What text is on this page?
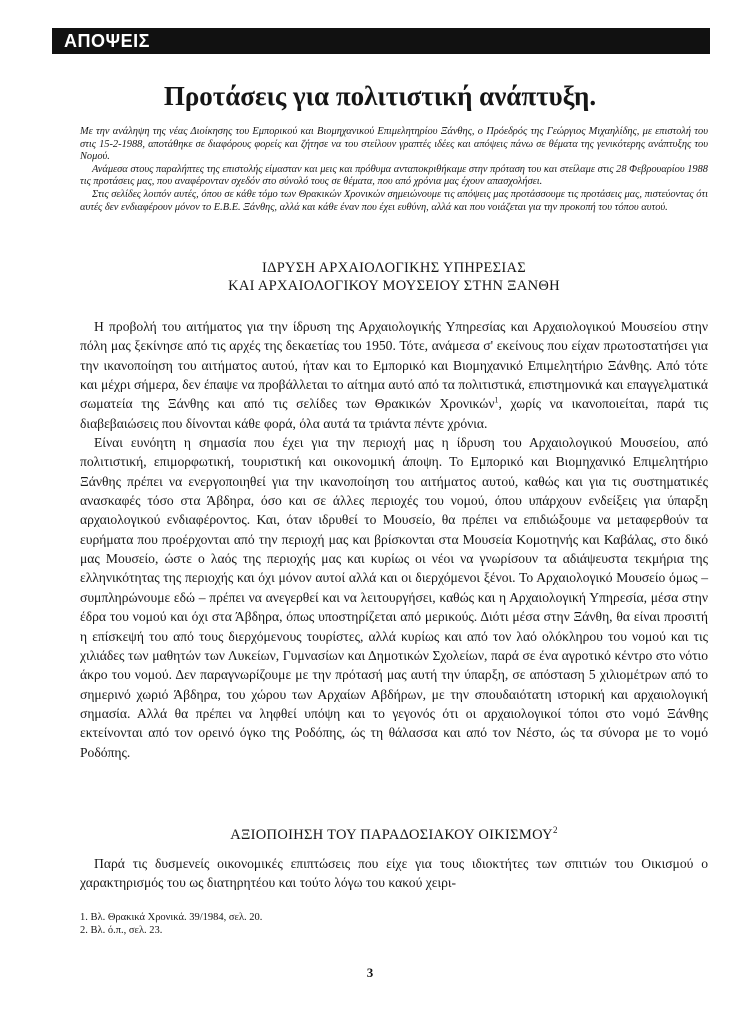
ΑΠΟΨΕΙΣ
Προτάσεις για πολιτιστική ανάπτυξη.

Με την ανάληψη της νέας Διοίκησης του Εμπορικού και Βιομηχανικού Επιμελητηρίου Ξάνθης, ο Πρόεδρός της Γεώργιος Μιχαηλίδης, με επιστολή του στις 15-2-1988, αποτάθηκε σε διαφόρους φορείς και ζήτησε να του στείλουν γραπτές ιδέες και απόψεις πάνω σε θέματα της γενικότερης ανάπτυξης του Νομού.

Ανάμεσα στους παραλήπτες της επιστολής είμασταν και μεις και πρόθυμα ανταποκριθήκαμε στην πρόταση του και στείλαμε στις 28 Φεβρουαρίου 1988 τις προτάσεις μας, που αναφέρονταν σχεδόν στο σύνολό τους σε θέματα, που από χρόνια μας έχουν απασχολήσει.

Στις σελίδες λοιπόν αυτές, όπου σε κάθε τόμο των Θρακικών Χρονικών σημειώνουμε τις απόψεις μας προτάσσουμε τις προτάσεις μας, πιστεύοντας ότι αυτές δεν ενδιαφέρουν μόνον το Ε.Β.Ε. Ξάνθης, αλλά και κάθε έναν που έχει ευθύνη, αλλά και που νοιάζεται για την προκοπή του τόπου αυτού.

ΙΔΡΥΣΗ ΑΡΧΑΙΟΛΟΓΙΚΗΣ ΥΠΗΡΕΣΙΑΣ
ΚΑΙ ΑΡΧΑΙΟΛΟΓΙΚΟΥ ΜΟΥΣΕΙΟΥ ΣΤΗΝ ΞΑΝΘΗ

Η προβολή του αιτήματος για την ίδρυση της Αρχαιολογικής Υπηρεσίας και Αρχαιολογικού Μουσείου στην πόλη μας ξεκίνησε από τις αρχές της δεκαετίας του 1950. Τότε, ανάμεσα σ' εκείνους που είχαν πρωτοστατήσει για την ικανοποίηση του αιτήματος αυτού, ήταν και το Εμπορικό και Βιομηχανικό Επιμελητήριο Ξάνθης. Από τότε και μέχρι σήμερα, δεν έπαψε να προβάλλεται το αίτημα αυτό από τα πολιτιστικά, επιστημονικά και επαγγελματικά σωματεία της Ξάνθης και από τις σελίδες των Θρακικών Χρονικών$^1$, χωρίς να ικανοποιείται, παρά τις διαβεβαιώσεις που δίνονται κάθε φορά, όλα αυτά τα τριάντα πέντε χρόνια.

Είναι ευνόητη η σημασία που έχει για την περιοχή μας η ίδρυση του Αρχαιολογικού Μουσείου, από πολιτιστική, επιμορφωτική, τουριστική και οικονομική άποψη. Το Εμπορικό και Βιομηχανικό Επιμελητήριο Ξάνθης πρέπει να ενεργοποιηθεί για την ικανοποίηση του αιτήματος αυτού, καθώς και για τις συστηματικές ανασκαφές τόσο στα Άβδηρα, όσο και σε άλλες περιοχές του νομού, όπου υπάρχουν ενδείξεις για ύπαρξη αρχαιολογικού ενδιαφέροντος. Και, όταν ιδρυθεί το Μουσείο, θα πρέπει να επιδιώξουμε να μεταφερθούν τα ευρήματα που προέρχονται από την περιοχή μας και βρίσκονται στα Μουσεία Κομοτηνής και Καβάλας, στο δικό μας Μουσείο, ώστε ο λαός της περιοχής μας και κυρίως οι νέοι να γνωρίσουν τα αδιάψευστα τεκμήρια της ελληνικότητας της περιοχής και όχι μόνον αυτοί αλλά και οι διερχόμενοι ξένοι. Το Αρχαιολογικό Μουσείο όμως – συμπληρώνουμε εδώ – πρέπει να ανεγερθεί και να λειτουργήσει, καθώς και η Αρχαιολογική Υπηρεσία, μέσα στην έδρα του νομού και όχι στα Άβδηρα, όπως υποστηρίζεται από μερικούς. Διότι μέσα στην Ξάνθη, θα είναι προσιτή η επίσκεψή του από τους διερχόμενους τουρίστες, αλλά κυρίως και από τον λαό ολόκληρου του νομού και τις χιλιάδες των μαθητών των Λυκείων, Γυμνασίων και Δημοτικών Σχολείων, παρά σε ένα αγροτικό κέντρο στο νότιο άκρο του νομού. Δεν παραγνωρίζουμε με την πρότασή μας αυτή την ύπαρξη, σε απόσταση 5 χιλιομέτρων από το σημερινό χωριό Άβδηρα, του χώρου των Αρχαίων Αβδήρων, με την σπουδαιότατη ιστορική και αρχαιολογική σημασία. Αλλά θα πρέπει να ληφθεί υπόψη και το γεγονός ότι οι αρχαιολογικοί τόποι στο νομό Ξάνθης εκτείνονται από τον ορεινό όγκο της Ροδόπης, ώς τη θάλασσα και από τον Νέστο, ώς τα σύνορα με το νομό Ροδόπης.

ΑΞΙΟΠΟΙΗΣΗ ΤΟΥ ΠΑΡΑΔΟΣΙΑΚΟΥ ΟΙΚΙΣΜΟΥ$^2$

Παρά τις δυσμενείς οικονομικές επιπτώσεις που είχε για τους ιδιοκτήτες των σπιτιών του Οικισμού ο χαρακτηρισμός του ως διατηρητέου και τούτο λόγω του κακού χειρι-

1. Βλ. Θρακικά Χρονικά. 39/1984, σελ. 20.
2. Βλ. ό.π., σελ. 23.
3
